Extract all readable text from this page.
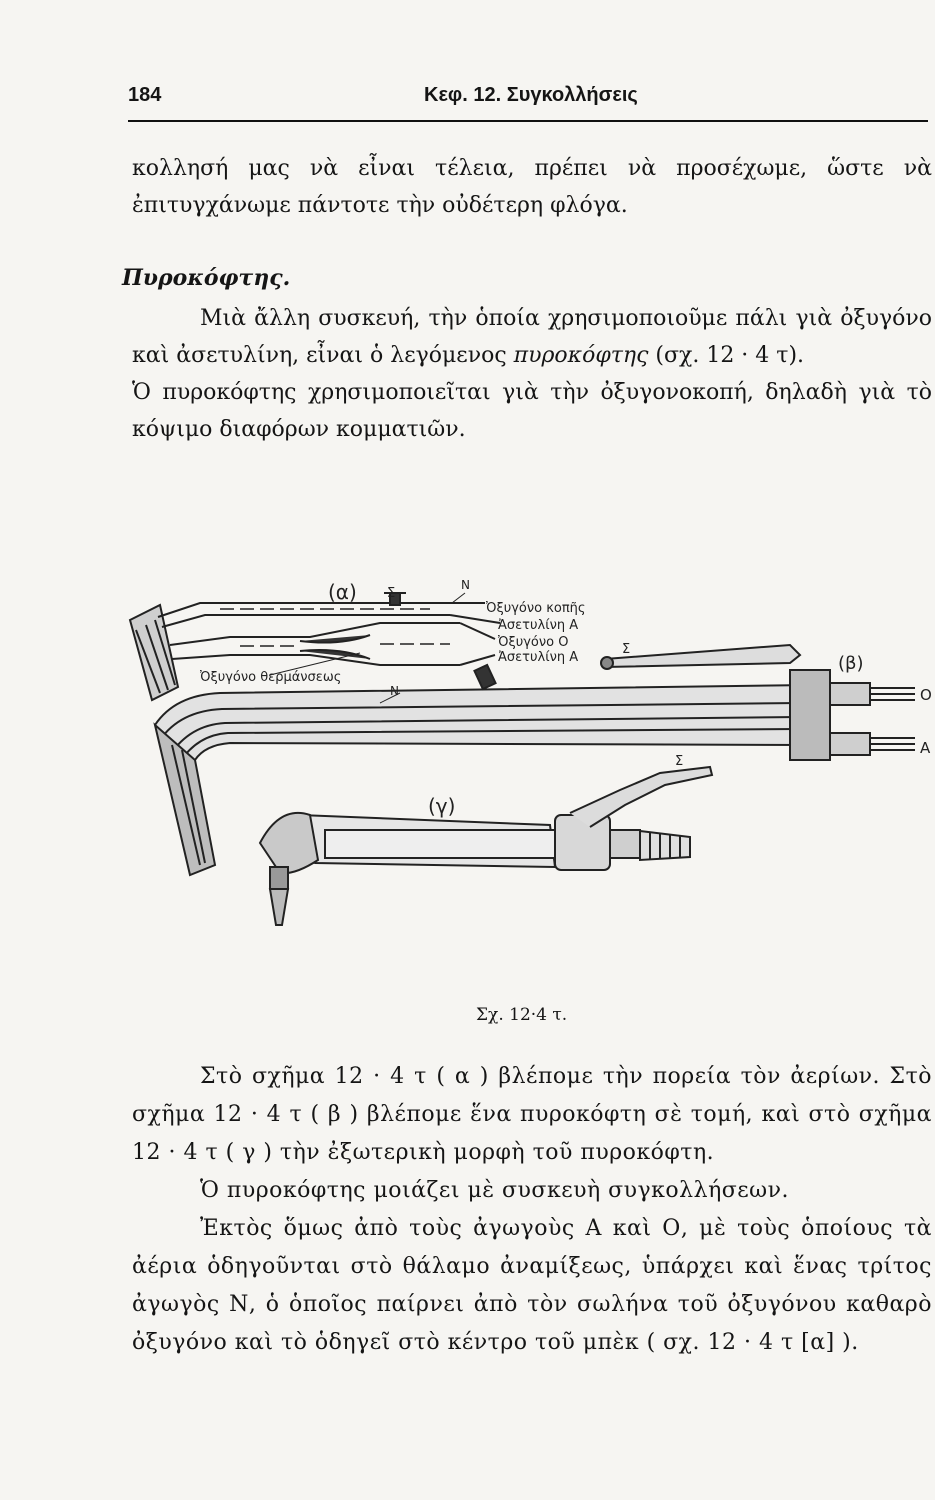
184	Κεφ. 12. Συγκολλήσεις

κολλησή μας νὰ εἶναι τέλεια, πρέπει νὰ προσέχωμε, ὥστε νὰ ἐπιτυγχάνωμε πάντοτε τὴν οὐδέτερη φλόγα.

Πυροκόφτης.

Μιὰ ἄλλη συσκευή, τὴν ὁποία χρησιμοποιοῦμε πάλι γιὰ ὀξυγόνο καὶ ἀσετυλίνη, εἶναι ὁ λεγόμενος πυροκόφτης (σχ. 12 · 4 τ).

Ὁ πυροκόφτης χρησιμοποιεῖται γιὰ τὴν ὀξυγονοκοπή, δηλαδὴ γιὰ τὸ κόψιμο διαφόρων κομματιῶν.

(α) Σ
Ν
Ὀξυγόνο κοπῆς
Ἀσετυλίνη Α
Ὀξυγόνο Ο
Ἀσετυλίνη Α
Ὀξυγόνο θερμάνσεως
Ν
Σ
(β)
Ο
Α
(γ)
Σ
Σχ. 12·4 τ.

Στὸ σχῆμα 12 · 4 τ ( α ) βλέπομε τὴν πορεία τὸν ἀερίων. Στὸ σχῆμα 12 · 4 τ ( β ) βλέπομε ἕνα πυροκόφτη σὲ τομή, καὶ στὸ σχῆμα 12 · 4 τ ( γ ) τὴν ἐξωτερικὴ μορφὴ τοῦ πυροκόφτη.

Ὁ πυροκόφτης μοιάζει μὲ συσκευὴ συγκολλήσεων.

Ἐκτὸς ὅμως ἀπὸ τοὺς ἀγωγοὺς Α καὶ Ο, μὲ τοὺς ὁποίους τὰ ἀέρια ὁδηγοῦνται στὸ θάλαμο ἀναμίξεως, ὑπάρχει καὶ ἕνας τρίτος ἀγωγὸς Ν, ὁ ὁποῖος παίρνει ἀπὸ τὸν σωλήνα τοῦ ὀξυγόνου καθαρὸ ὀξυγόνο καὶ τὸ ὁδηγεῖ στὸ κέντρο τοῦ μπὲκ ( σχ. 12 · 4 τ [α] ).
